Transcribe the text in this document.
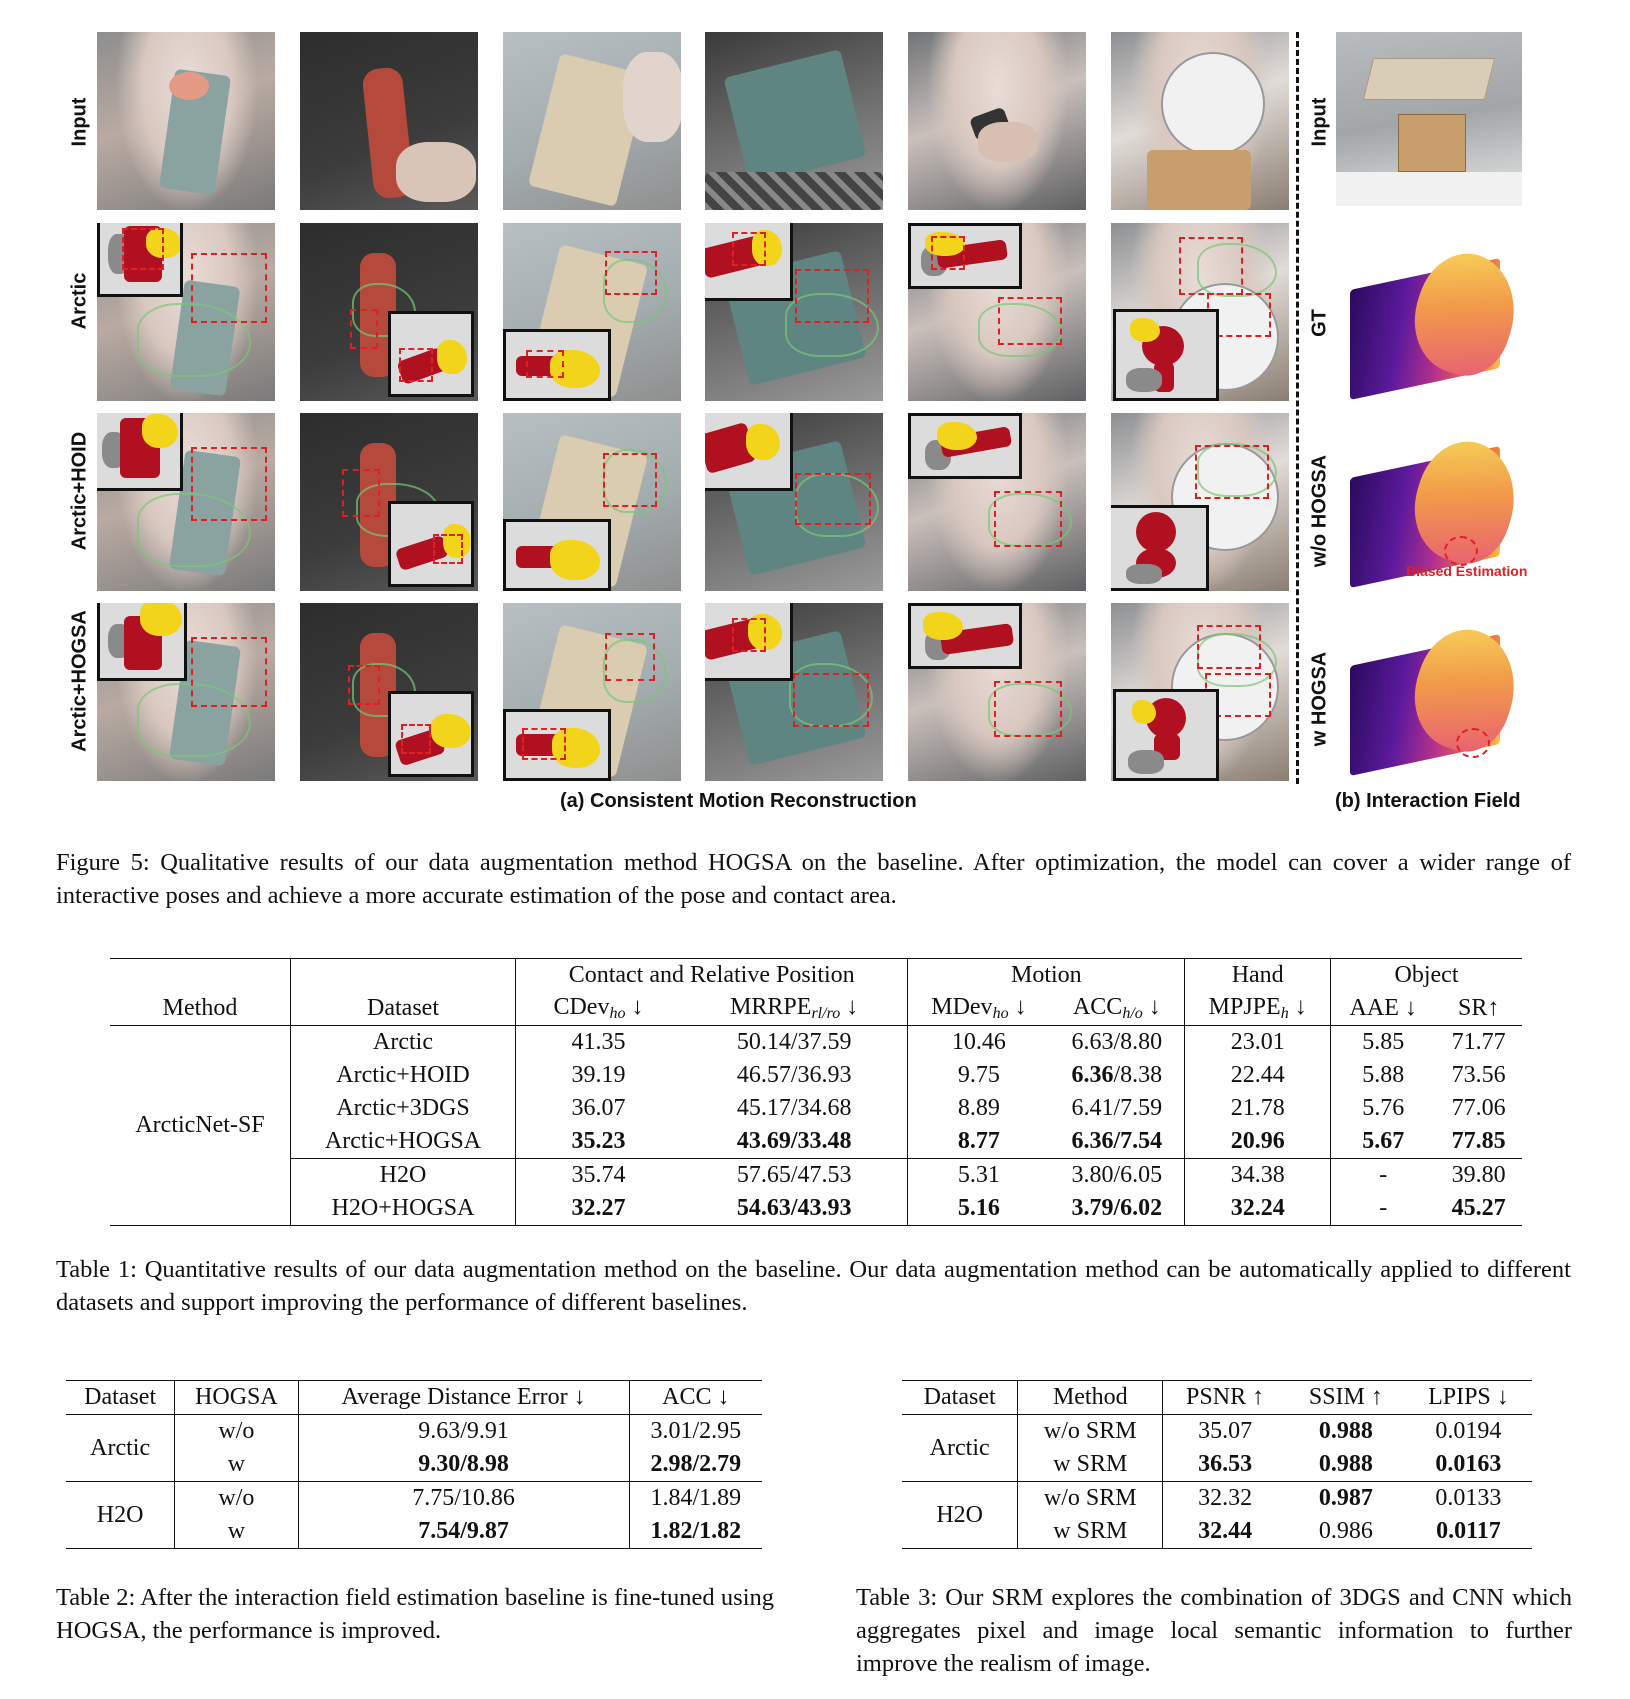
Input
Arctic
Arctic+HOID
Arctic+HOGSA
Input
GT
w/o HOGSA
w HOGSA
Biased Estimation
(a) Consistent Motion Reconstruction	(b) Interaction Field
Figure 5: Qualitative results of our data augmentation method HOGSA on the baseline. After optimization, the model can cover a wider range of interactive poses and achieve a more accurate estimation of the pose and contact area.
		Contact and Relative Position		Motion		Hand	Object	
Method	Dataset	CDev$_{ho}$ ↓	$MRRPE_{rl/ro}$ ↓	MDev$_{ho}$ ↓	$ACC_{h/o}$ ↓	$MPJPE_h$ ↓	AAE ↓	SR↑
ArcticNet-SF	Arctic	41.35	50.14/37.59	10.46	6.63/8.80	23.01	5.85	71.77
	Arctic+HOID	39.19	46.57/36.93	9.75	6.36/8.38	22.44	5.88	73.56
	Arctic+3DGS	36.07	45.17/34.68	8.89	6.41/7.59	21.78	5.76	77.06
	Arctic+HOGSA	35.23	43.69/33.48	8.77	6.36/7.54	20.96	5.67	77.85
	H2O	35.74	57.65/47.53	5.31	3.80/6.05	34.38	-	39.80
	H2O+HOGSA	32.27	54.63/43.93	5.16	3.79/6.02	32.24	-	45.27
Table 1: Quantitative results of our data augmentation method on the baseline. Our data augmentation method can be automatically applied to different datasets and support improving the performance of different baselines.
Dataset	HOGSA	Average Distance Error ↓	ACC ↓
Arctic	w/o	9.63/9.91	3.01/2.95
	w	9.30/8.98	2.98/2.79
H2O	w/o	7.75/10.86	1.84/1.89
	w	7.54/9.87	1.82/1.82
Table 2: After the interaction field estimation baseline is fine-tuned using HOGSA, the performance is improved.
Dataset	Method	PSNR ↑	SSIM ↑	LPIPS ↓
Arctic	w/o SRM	35.07	0.988	0.0194
	w SRM	36.53	0.988	0.0163
H2O	w/o SRM	32.32	0.987	0.0133
	w SRM	32.44	0.986	0.0117
Table 3: Our SRM explores the combination of 3DGS and CNN which aggregates pixel and image local semantic information to further improve the realism of image.
